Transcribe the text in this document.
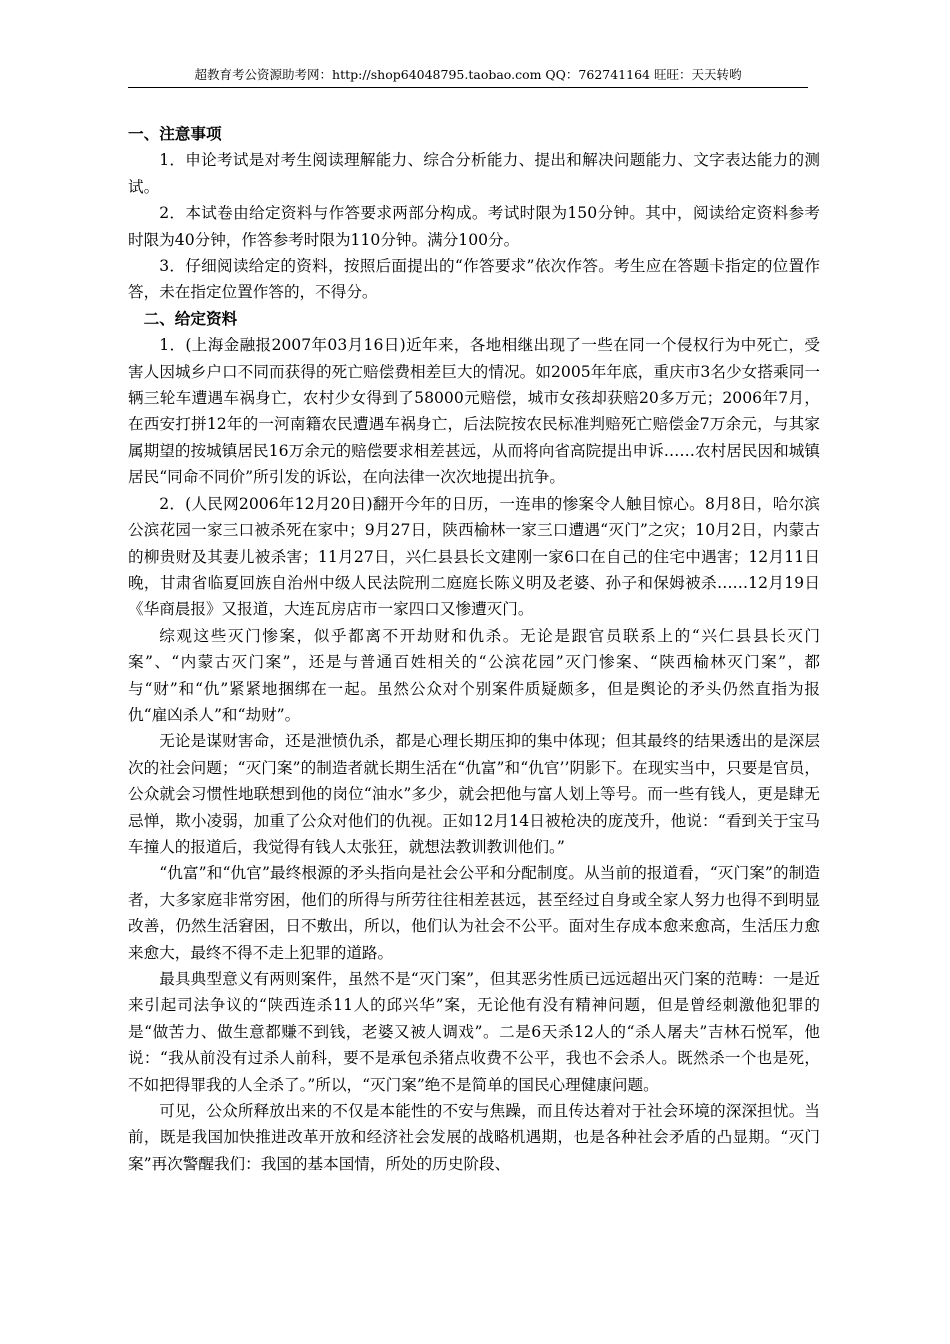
超教育考公资源助考网：http://shop64048795.taobao.com QQ：762741164 旺旺：天天转哟

一、注意事项

1．申论考试是对考生阅读理解能力、综合分析能力、提出和解决问题能力、文字表达能力的测试。

2．本试卷由给定资料与作答要求两部分构成。考试时限为150分钟。其中，阅读给定资料参考时限为40分钟，作答参考时限为110分钟。满分100分。

3．仔细阅读给定的资料，按照后面提出的“作答要求”依次作答。考生应在答题卡指定的位置作答，未在指定位置作答的，不得分。

二、给定资料

1．(上海金融报2007年03月16日)近年来，各地相继出现了一些在同一个侵权行为中死亡，受害人因城乡户口不同而获得的死亡赔偿费相差巨大的情况。如2005年年底，重庆市3名少女搭乘同一辆三轮车遭遇车祸身亡，农村少女得到了58000元赔偿，城市女孩却获赔20多万元；2006年7月，在西安打拼12年的一河南籍农民遭遇车祸身亡，后法院按农民标准判赔死亡赔偿金7万余元，与其家属期望的按城镇居民16万余元的赔偿要求相差甚远，从而将向省高院提出申诉……农村居民因和城镇居民“同命不同价”所引发的诉讼，在向法律一次次地提出抗争。

2．(人民网2006年12月20日)翻开今年的日历，一连串的惨案令人触目惊心。8月8日，哈尔滨公滨花园一家三口被杀死在家中；9月27日，陕西榆林一家三口遭遇“灭门”之灾；10月2日，内蒙古的柳贵财及其妻儿被杀害；11月27日，兴仁县县长文建刚一家6口在自己的住宅中遇害；12月11日晚，甘肃省临夏回族自治州中级人民法院刑二庭庭长陈义明及老婆、孙子和保姆被杀……12月19日《华商晨报》又报道，大连瓦房店市一家四口又惨遭灭门。

综观这些灭门惨案，似乎都离不开劫财和仇杀。无论是跟官员联系上的“兴仁县县长灭门案”、“内蒙古灭门案”，还是与普通百姓相关的“公滨花园”灭门惨案、“陕西榆林灭门案”，都与“财”和“仇”紧紧地捆绑在一起。虽然公众对个别案件质疑颇多，但是舆论的矛头仍然直指为报仇“雇凶杀人”和“劫财”。

无论是谋财害命，还是泄愤仇杀，都是心理长期压抑的集中体现；但其最终的结果透出的是深层次的社会问题；“灭门案”的制造者就长期生活在“仇富”和“仇官’’阴影下。在现实当中，只要是官员，公众就会习惯性地联想到他的岗位“油水”多少，就会把他与富人划上等号。而一些有钱人，更是肆无忌惮，欺小凌弱，加重了公众对他们的仇视。正如12月14日被枪决的庞茂升，他说：“看到关于宝马车撞人的报道后，我觉得有钱人太张狂，就想法教训教训他们。”

“仇富”和“仇官”最终根源的矛头指向是社会公平和分配制度。从当前的报道看，“灭门案”的制造者，大多家庭非常穷困，他们的所得与所劳往往相差甚远，甚至经过自身或全家人努力也得不到明显改善，仍然生活窘困，日不敷出，所以，他们认为社会不公平。面对生存成本愈来愈高，生活压力愈来愈大，最终不得不走上犯罪的道路。

最具典型意义有两则案件，虽然不是“灭门案”，但其恶劣性质已远远超出灭门案的范畴：一是近来引起司法争议的“陕西连杀11人的邱兴华”案，无论他有没有精神问题，但是曾经刺激他犯罪的是“做苦力、做生意都赚不到钱，老婆又被人调戏”。二是6天杀12人的“杀人屠夫”吉林石悦军，他说：“我从前没有过杀人前科，要不是承包杀猪点收费不公平，我也不会杀人。既然杀一个也是死，不如把得罪我的人全杀了。”所以，“灭门案”绝不是简单的国民心理健康问题。

可见，公众所释放出来的不仅是本能性的不安与焦躁，而且传达着对于社会环境的深深担忧。当前，既是我国加快推进改革开放和经济社会发展的战略机遇期，也是各种社会矛盾的凸显期。“灭门案”再次警醒我们：我国的基本国情，所处的历史阶段、
